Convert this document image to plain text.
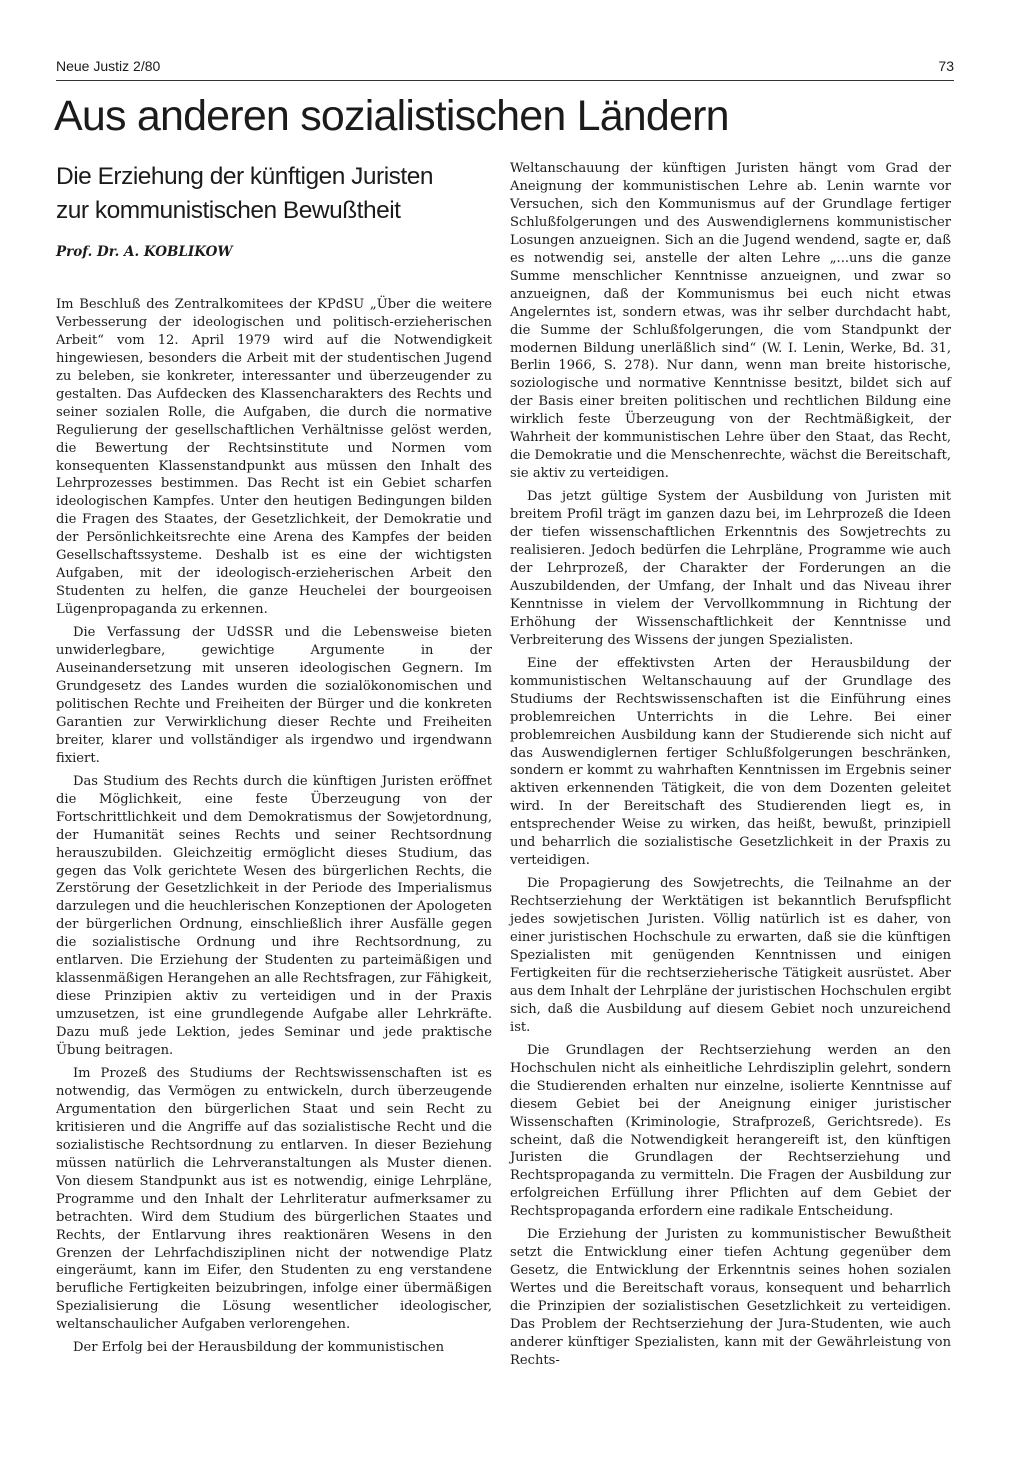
Neue Justiz 2/80	73
Aus anderen sozialistischen Ländern
Die Erziehung der künftigen Juristen
zur kommunistischen Bewußtheit
Prof. Dr. A. KOBLIKOW

Im Beschluß des Zentralkomitees der KPdSU „Über die weitere Verbesserung der ideologischen und politisch-erzieherischen Arbeit“ vom 12. April 1979 wird auf die Notwendigkeit hingewiesen, besonders die Arbeit mit der studentischen Jugend zu beleben, sie konkreter, interessanter und überzeugender zu gestalten. Das Aufdecken des Klassencharakters des Rechts und seiner sozialen Rolle, die Aufgaben, die durch die normative Regulierung der gesellschaftlichen Verhältnisse gelöst werden, die Bewertung der Rechtsinstitute und Normen vom konsequenten Klassenstandpunkt aus müssen den Inhalt des Lehrprozesses bestimmen. Das Recht ist ein Gebiet scharfen ideologischen Kampfes. Unter den heutigen Bedingungen bilden die Fragen des Staates, der Gesetzlichkeit, der Demokratie und der Persönlichkeitsrechte eine Arena des Kampfes der beiden Gesellschaftssysteme. Deshalb ist es eine der wichtigsten Aufgaben, mit der ideologisch-erzieherischen Arbeit den Studenten zu helfen, die ganze Heuchelei der bourgeoisen Lügenpropaganda zu erkennen.

Die Verfassung der UdSSR und die Lebensweise bieten unwiderlegbare, gewichtige Argumente in der Auseinandersetzung mit unseren ideologischen Gegnern. Im Grundgesetz des Landes wurden die sozialökonomischen und politischen Rechte und Freiheiten der Bürger und die konkreten Garantien zur Verwirklichung dieser Rechte und Freiheiten breiter, klarer und vollständiger als irgendwo und irgendwann fixiert.

Das Studium des Rechts durch die künftigen Juristen eröffnet die Möglichkeit, eine feste Überzeugung von der Fortschrittlichkeit und dem Demokratismus der Sowjetordnung, der Humanität seines Rechts und seiner Rechtsordnung herauszubilden. Gleichzeitig ermöglicht dieses Studium, das gegen das Volk gerichtete Wesen des bürgerlichen Rechts, die Zerstörung der Gesetzlichkeit in der Periode des Imperialismus darzulegen und die heuchlerischen Konzeptionen der Apologeten der bürgerlichen Ordnung, einschließlich ihrer Ausfälle gegen die sozialistische Ordnung und ihre Rechtsordnung, zu entlarven. Die Erziehung der Studenten zu parteimäßigen und klassenmäßigen Herangehen an alle Rechtsfragen, zur Fähigkeit, diese Prinzipien aktiv zu verteidigen und in der Praxis umzusetzen, ist eine grundlegende Aufgabe aller Lehrkräfte. Dazu muß jede Lektion, jedes Seminar und jede praktische Übung beitragen.

Im Prozeß des Studiums der Rechtswissenschaften ist es notwendig, das Vermögen zu entwickeln, durch überzeugende Argumentation den bürgerlichen Staat und sein Recht zu kritisieren und die Angriffe auf das sozialistische Recht und die sozialistische Rechtsordnung zu entlarven. In dieser Beziehung müssen natürlich die Lehrveranstaltungen als Muster dienen. Von diesem Standpunkt aus ist es notwendig, einige Lehrpläne, Programme und den Inhalt der Lehrliteratur aufmerksamer zu betrachten. Wird dem Studium des bürgerlichen Staates und Rechts, der Entlarvung ihres reaktionären Wesens in den Grenzen der Lehrfachdisziplinen nicht der notwendige Platz eingeräumt, kann im Eifer, den Studenten zu eng verstandene berufliche Fertigkeiten beizubringen, infolge einer übermäßigen Spezialisierung die Lösung wesentlicher ideologischer, weltanschaulicher Aufgaben verlorengehen.

Der Erfolg bei der Herausbildung der kommunistischen

Weltanschauung der künftigen Juristen hängt vom Grad der Aneignung der kommunistischen Lehre ab. Lenin warnte vor Versuchen, sich den Kommunismus auf der Grundlage fertiger Schlußfolgerungen und des Auswendiglernens kommunistischer Losungen anzueignen. Sich an die Jugend wendend, sagte er, daß es notwendig sei, anstelle der alten Lehre „...uns die ganze Summe menschlicher Kenntnisse anzueignen, und zwar so anzueignen, daß der Kommunismus bei euch nicht etwas Angelerntes ist, sondern etwas, was ihr selber durchdacht habt, die Summe der Schlußfolgerungen, die vom Standpunkt der modernen Bildung unerläßlich sind“ (W. I. Lenin, Werke, Bd. 31, Berlin 1966, S. 278). Nur dann, wenn man breite historische, soziologische und normative Kenntnisse besitzt, bildet sich auf der Basis einer breiten politischen und rechtlichen Bildung eine wirklich feste Überzeugung von der Rechtmäßigkeit, der Wahrheit der kommunistischen Lehre über den Staat, das Recht, die Demokratie und die Menschenrechte, wächst die Bereitschaft, sie aktiv zu verteidigen.

Das jetzt gültige System der Ausbildung von Juristen mit breitem Profil trägt im ganzen dazu bei, im Lehrprozeß die Ideen der tiefen wissenschaftlichen Erkenntnis des Sowjetrechts zu realisieren. Jedoch bedürfen die Lehrpläne, Programme wie auch der Lehrprozeß, der Charakter der Forderungen an die Auszubildenden, der Umfang, der Inhalt und das Niveau ihrer Kenntnisse in vielem der Vervollkommnung in Richtung der Erhöhung der Wissenschaftlichkeit der Kenntnisse und Verbreiterung des Wissens der jungen Spezialisten.

Eine der effektivsten Arten der Herausbildung der kommunistischen Weltanschauung auf der Grundlage des Studiums der Rechtswissenschaften ist die Einführung eines problemreichen Unterrichts in die Lehre. Bei einer problemreichen Ausbildung kann der Studierende sich nicht auf das Auswendiglernen fertiger Schlußfolgerungen beschränken, sondern er kommt zu wahrhaften Kenntnissen im Ergebnis seiner aktiven erkennenden Tätigkeit, die von dem Dozenten geleitet wird. In der Bereitschaft des Studierenden liegt es, in entsprechender Weise zu wirken, das heißt, bewußt, prinzipiell und beharrlich die sozialistische Gesetzlichkeit in der Praxis zu verteidigen.

Die Propagierung des Sowjetrechts, die Teilnahme an der Rechtserziehung der Werktätigen ist bekanntlich Berufspflicht jedes sowjetischen Juristen. Völlig natürlich ist es daher, von einer juristischen Hochschule zu erwarten, daß sie die künftigen Spezialisten mit genügenden Kenntnissen und einigen Fertigkeiten für die rechtserzieherische Tätigkeit ausrüstet. Aber aus dem Inhalt der Lehrpläne der juristischen Hochschulen ergibt sich, daß die Ausbildung auf diesem Gebiet noch unzureichend ist.

Die Grundlagen der Rechtserziehung werden an den Hochschulen nicht als einheitliche Lehrdisziplin gelehrt, sondern die Studierenden erhalten nur einzelne, isolierte Kenntnisse auf diesem Gebiet bei der Aneignung einiger juristischer Wissenschaften (Kriminologie, Strafprozeß, Gerichtsrede). Es scheint, daß die Notwendigkeit herangereift ist, den künftigen Juristen die Grundlagen der Rechtserziehung und Rechtspropaganda zu vermitteln. Die Fragen der Ausbildung zur erfolgreichen Erfüllung ihrer Pflichten auf dem Gebiet der Rechtspropaganda erfordern eine radikale Entscheidung.

Die Erziehung der Juristen zu kommunistischer Bewußtheit setzt die Entwicklung einer tiefen Achtung gegenüber dem Gesetz, die Entwicklung der Erkenntnis seines hohen sozialen Wertes und die Bereitschaft voraus, konsequent und beharrlich die Prinzipien der sozialistischen Gesetzlichkeit zu verteidigen. Das Problem der Rechtserziehung der Jura-Studenten, wie auch anderer künftiger Spezialisten, kann mit der Gewährleistung von Rechts-
